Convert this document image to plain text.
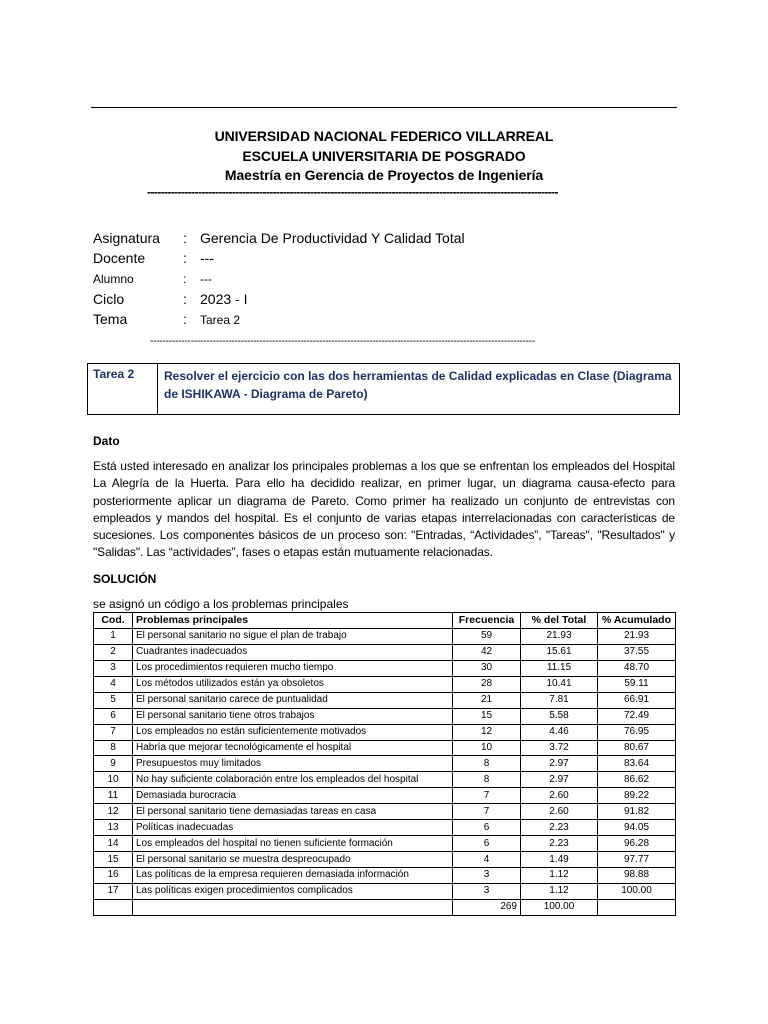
UNIVERSIDAD NACIONAL FEDERICO VILLARREAL
ESCUELA UNIVERSITARIA DE POSGRADO
Maestría en Gerencia de Proyectos de Ingeniería
-------------------------------------------------------------------------------------------------------------------------
Asignatura : Gerencia De Productividad Y Calidad Total
Docente	: ---
Alumno	: ---
Ciclo	: 2023 - I
Tema	: Tarea 2
---------------------------------------------------------------------------------------------------------------------------
Tarea 2 Resolver el ejercicio con las dos herramientas de Calidad explicadas en Clase (Diagrama de ISHIKAWA - Diagrama de Pareto)
Dato
Está usted interesado en analizar los principales problemas a los que se enfrentan los empleados del Hospital La Alegría de la Huerta. Para ello ha decidido realizar, en primer lugar, un diagrama causa-efecto para posteriormente aplicar un diagrama de Pareto. Como primer ha realizado un conjunto de entrevistas con empleados y mandos del hospital. Es el conjunto de varias etapas interrelacionadas con características de sucesiones. Los componentes básicos de un proceso son: "Entradas, “Actividades”, "Tareas", "Resultados" y "Salidas". Las “actividades”, fases o etapas están mutuamente relacionadas.
SOLUCIÓN
se asignó un código a los problemas principales
Cod.	Problemas principales	Frecuencia	% del Total	% Acumulado
1	El personal sanitario no sigue el plan de trabajo	59	21.93	21.93
2	Cuadrantes inadecuados	42	15.61	37.55
3	Los procedimientos requieren mucho tiempo	30	11.15	48.70
4	Los métodos utilizados están ya obsoletos	28	10.41	59.11
5	El personal sanitario carece de puntualidad	21	7.81	66.91
6	El personal sanitario tiene otros trabajos	15	5.58	72.49
7	Los empleados no están suficientemente motivados	12	4.46	76.95
8	Habría que mejorar tecnológicamente el hospital	10	3.72	80.67
9	Presupuestos muy limitados	8	2.97	83.64
10	No hay suficiente colaboración entre los empleados del hospital	8	2.97	86.62
11	Demasiada burocracia	7	2.60	89.22
12	El personal sanitario tiene demasiadas tareas en casa	7	2.60	91.82
13	Políticas inadecuadas	6	2.23	94.05
14	Los empleados del hospital no tienen suficiente formación	6	2.23	96.28
15	El personal sanitario se muestra despreocupado	4	1.49	97.77
16	Las políticas de la empresa requieren demasiada información	3	1.12	98.88
17	Las políticas exigen procedimientos complicados	3	1.12	100.00
		269	100.00	
